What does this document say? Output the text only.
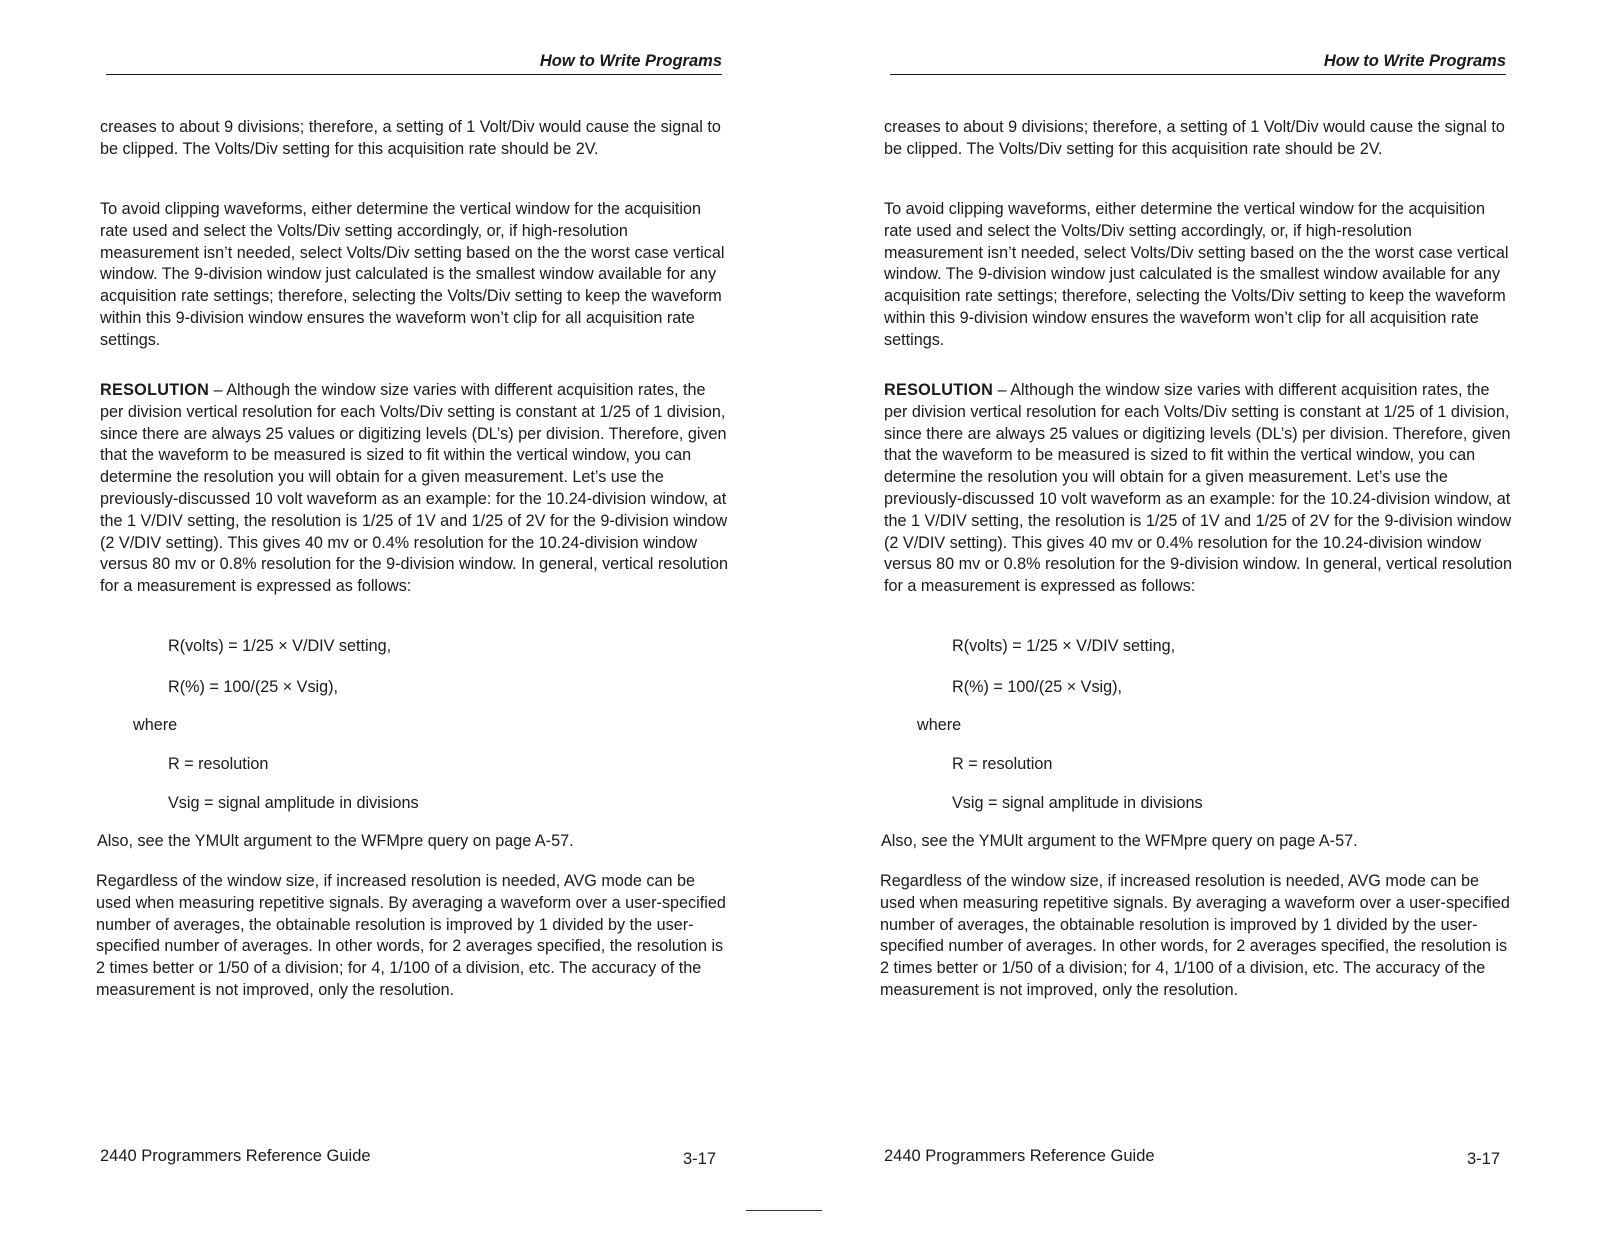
How to Write Programs

creases to about 9 divisions; therefore, a setting of 1 Volt/Div would cause the signal to be clipped. The Volts/Div setting for this acquisition rate should be 2V.

To avoid clipping waveforms, either determine the vertical window for the acquisition rate used and select the Volts/Div setting accordingly, or, if high-resolution measurement isn’t needed, select Volts/Div setting based on the the worst case vertical window. The 9-division window just calculated is the smallest window available for any acquisition rate settings; therefore, selecting the Volts/Div setting to keep the waveform within this 9-division window ensures the waveform won’t clip for all acquisition rate settings.

RESOLUTION – Although the window size varies with different acquisition rates, the per division vertical resolution for each Volts/Div setting is constant at 1/25 of 1 division, since there are always 25 values or digitizing levels (DL’s) per division. Therefore, given that the waveform to be measured is sized to fit within the vertical window, you can determine the resolution you will obtain for a given measurement. Let’s use the previously-discussed 10 volt waveform as an example: for the 10.24-division window, at the 1 V/DIV setting, the resolution is 1/25 of 1V and 1/25 of 2V for the 9-division window (2 V/DIV setting). This gives 40 mv or 0.4% resolution for the 10.24-division window versus 80 mv or 0.8% resolution for the 9-division window. In general, vertical resolution for a measurement is expressed as follows:

R(volts) = 1/25 × V/DIV setting,
R(%) = 100/(25 × Vsig),
where
R = resolution
Vsig = signal amplitude in divisions

Also, see the YMUlt argument to the WFMpre query on page A-57.

Regardless of the window size, if increased resolution is needed, AVG mode can be used when measuring repetitive signals. By averaging a waveform over a user-specified number of averages, the obtainable resolution is improved by 1 divided by the user-specified number of averages. In other words, for 2 averages specified, the resolution is 2 times better or 1/50 of a division; for 4, 1/100 of a division, etc. The accuracy of the measurement is not improved, only the resolution.

2440 Programmers Reference Guide	3-17
How to Write Programs

creases to about 9 divisions; therefore, a setting of 1 Volt/Div would cause the signal to be clipped. The Volts/Div setting for this acquisition rate should be 2V.

To avoid clipping waveforms, either determine the vertical window for the acquisition rate used and select the Volts/Div setting accordingly, or, if high-resolution measurement isn’t needed, select Volts/Div setting based on the the worst case vertical window. The 9-division window just calculated is the smallest window available for any acquisition rate settings; therefore, selecting the Volts/Div setting to keep the waveform within this 9-division window ensures the waveform won’t clip for all acquisition rate settings.

RESOLUTION – Although the window size varies with different acquisition rates, the per division vertical resolution for each Volts/Div setting is constant at 1/25 of 1 division, since there are always 25 values or digitizing levels (DL’s) per division. Therefore, given that the waveform to be measured is sized to fit within the vertical window, you can determine the resolution you will obtain for a given measurement. Let’s use the previously-discussed 10 volt waveform as an example: for the 10.24-division window, at the 1 V/DIV setting, the resolution is 1/25 of 1V and 1/25 of 2V for the 9-division window (2 V/DIV setting). This gives 40 mv or 0.4% resolution for the 10.24-division window versus 80 mv or 0.8% resolution for the 9-division window. In general, vertical resolution for a measurement is expressed as follows:

R(volts) = 1/25 × V/DIV setting,
R(%) = 100/(25 × Vsig),
where
R = resolution
Vsig = signal amplitude in divisions

Also, see the YMUlt argument to the WFMpre query on page A-57.

Regardless of the window size, if increased resolution is needed, AVG mode can be used when measuring repetitive signals. By averaging a waveform over a user-specified number of averages, the obtainable resolution is improved by 1 divided by the user-specified number of averages. In other words, for 2 averages specified, the resolution is 2 times better or 1/50 of a division; for 4, 1/100 of a division, etc. The accuracy of the measurement is not improved, only the resolution.

2440 Programmers Reference Guide	3-17
